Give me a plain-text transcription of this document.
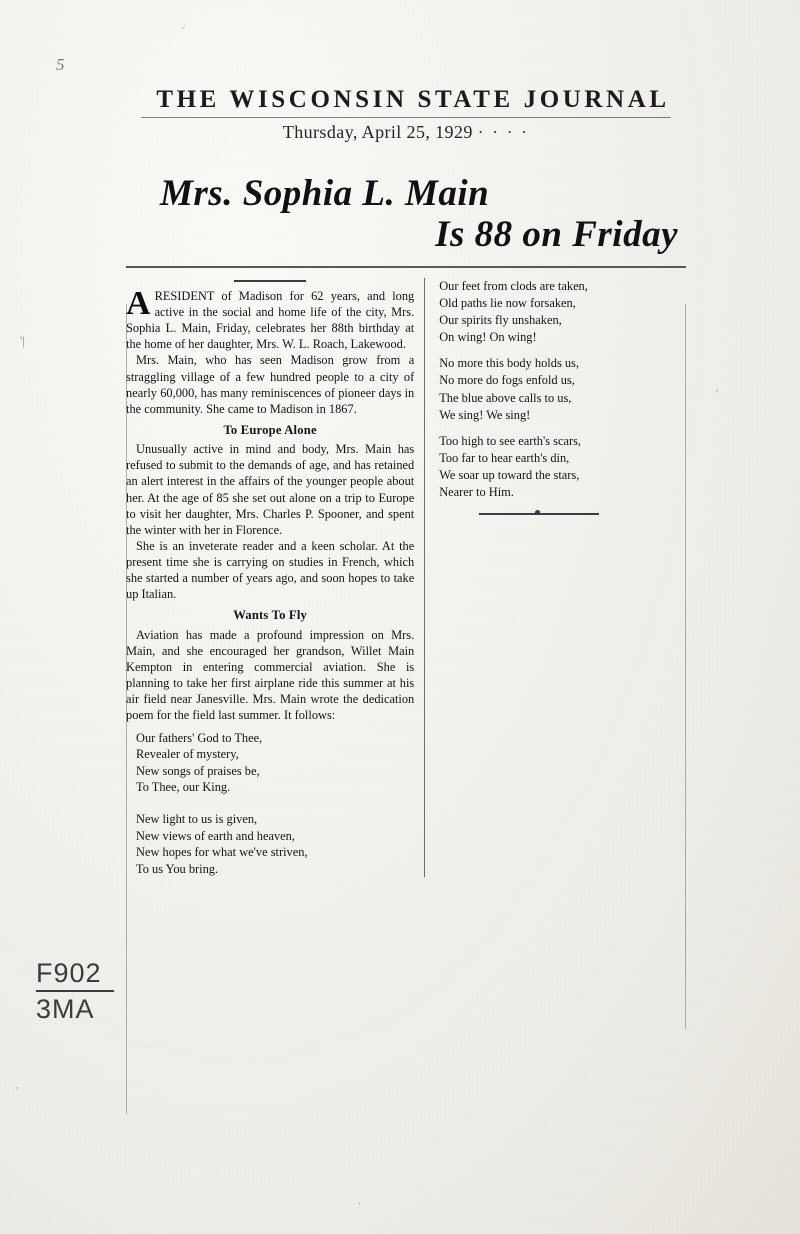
5
·
'|
'
'
·
F902
3MA
THE WISCONSIN STATE JOURNAL
Thursday, April 25, 1929 · · · ·
Mrs. Sophia L. Main
Is 88 on Friday

ARESIDENT of Madison for 62 years, and long active in the social and home life of the city, Mrs. Sophia L. Main, Friday, celebrates her 88th birthday at the home of her daughter, Mrs. W. L. Roach, Lakewood.

Mrs. Main, who has seen Madison grow from a straggling village of a few hundred people to a city of nearly 60,000, has many reminiscences of pioneer days in the community. She came to Madison in 1867.

To Europe Alone

Unusually active in mind and body, Mrs. Main has refused to submit to the demands of age, and has retained an alert interest in the affairs of the younger people about her. At the age of 85 she set out alone on a trip to Europe to visit her daughter, Mrs. Charles P. Spooner, and spent the winter with her in Florence.

She is an inveterate reader and a keen scholar. At the present time she is carrying on studies in French, which she started a number of years ago, and soon hopes to take up Italian.

Wants To Fly

Aviation has made a profound impression on Mrs. Main, and she encouraged her grandson, Willet Main Kempton in entering commercial aviation. She is planning to take her first airplane ride this summer at his air field near Janesville. Mrs. Main wrote the dedication poem for the field last summer. It follows:

Our fathers' God to Thee,
Revealer of mystery,
New songs of praises be,
To Thee, our King.
New light to us is given,
New views of earth and heaven,
New hopes for what we've striven,
To us You bring.
Our feet from clods are taken,
Old paths lie now forsaken,
Our spirits fly unshaken,
On wing! On wing!
No more this body holds us,
No more do fogs enfold us,
The blue above calls to us,
We sing! We sing!
Too high to see earth's scars,
Too far to hear earth's din,
We soar up toward the stars,
Nearer to Him.
